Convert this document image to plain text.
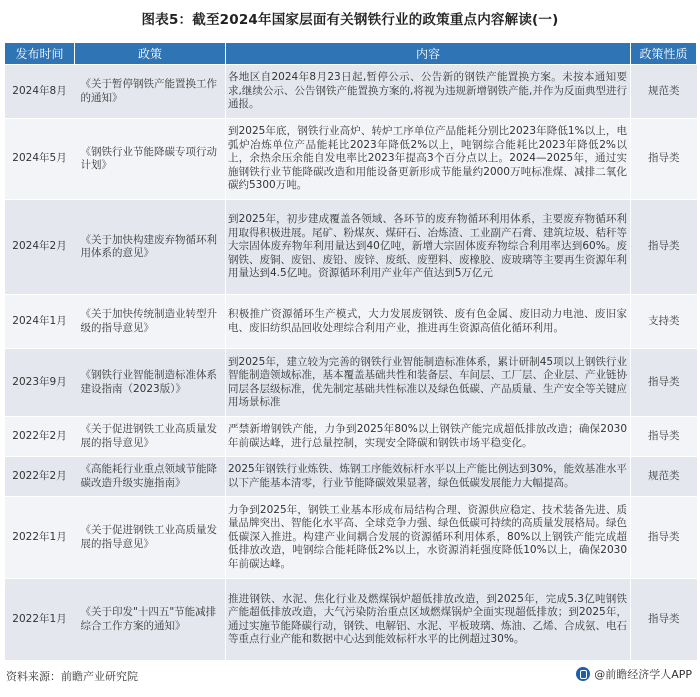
图表5：截至2024年国家层面有关钢铁行业的政策重点内容解读(一)
发布时间	政策	内容	政策性质
2024年8月	《关于暂停钢铁产能置换工作的通知》	各地区自2024年8月23日起,暂停公示、公告新的钢铁产能置换方案。未按本通知要求,继续公示、公告钢铁产能置换方案的,将视为违规新增钢铁产能,并作为反面典型进行通报。	规范类
2024年5月	《钢铁行业节能降碳专项行动计划》	到2025年底，钢铁行业高炉、转炉工序单位产品能耗分别比2023年降低1%以上，电弧炉冶炼单位产品能耗比2023年降低2%以上，吨钢综合能耗比2023年降低2%以上，余热余压余能自发电率比2023年提高3个百分点以上。2024—2025年，通过实施钢铁行业节能降碳改造和用能设备更新形成节能量约2000万吨标准煤、减排二氧化碳约5300万吨。	指导类
2024年2月	《关于加快构建废弃物循环利用体系的意见》	到2025年，初步建成覆盖各领域、各环节的废弃物循环利用体系，主要废弃物循环利用取得积极进展。尾矿、粉煤灰、煤矸石、冶炼渣、工业副产石膏、建筑垃圾、秸秆等大宗固体废弃物年利用量达到40亿吨，新增大宗固体废弃物综合利用率达到60%。废钢铁、废铜、废铝、废铅、废锌、废纸、废塑料、废橡胶、废玻璃等主要再生资源年利用量达到4.5亿吨。资源循环利用产业年产值达到5万亿元	指导类
2024年1月	《关于加快传统制造业转型升级的指导意见》	积极推广资源循环生产模式，大力发展废钢铁、废有色金属、废旧动力电池、废旧家电、废旧纺织品回收处理综合利用产业，推进再生资源高值化循环利用。	支持类
2023年9月	《钢铁行业智能制造标准体系建设指南（2023版）》	到2025年，建立较为完善的钢铁行业智能制造标准体系，累计研制45项以上钢铁行业智能制造领域标准，基本覆盖基础共性和装备层、车间层、工厂层、企业层、产业链协同层各层级标准，优先制定基础共性标准以及绿色低碳、产品质量、生产安全等关键应用场景标准	指导类
2022年2月	《关于促进钢铁工业高质量发展的指导意见》	严禁新增钢铁产能，力争到2025年80%以上钢铁产能完成超低排放改造；确保2030年前碳达峰，进行总量控制，实现安全降碳和钢铁市场平稳变化。	指导类
2022年2月	《高能耗行业重点领域节能降碳改造升级实施指南》	2025年钢铁行业炼铁、炼钢工序能效标杆水平以上产能比例达到30%，能效基准水平以下产能基本清零，行业节能降碳效果显著，绿色低碳发展能力大幅提高。	规范类
2022年1月	《关于促进钢铁工业高质量发展的指导意见》	力争到2025年，钢铁工业基本形成布局结构合理、资源供应稳定、技术装备先进、质量品牌突出、智能化水平高、全球竞争力强、绿色低碳可持续的高质量发展格局。绿色低碳深入推进。构建产业间耦合发展的资源循环利用体系，80%以上钢铁产能完成超低排放改造，吨钢综合能耗降低2%以上，水资源消耗强度降低10%以上，确保2030年前碳达峰。	指导类
2022年1月	《关于印发"十四五"节能减排综合工作方案的通知》	推进钢铁、水泥、焦化行业及燃煤锅炉超低排放改造，到2025年，完成5.3亿吨钢铁产能超低排放改造，大气污染防治重点区域燃煤锅炉全面实现超低排放；到2025年，通过实施节能降碳行动，钢铁、电解铝、水泥、平板玻璃、炼油、乙烯、合成氨、电石等重点行业产能和数据中心达到能效标杆水平的比例超过30%。	指导类
资料来源：前瞻产业研究院	@前瞻经济学人APP
